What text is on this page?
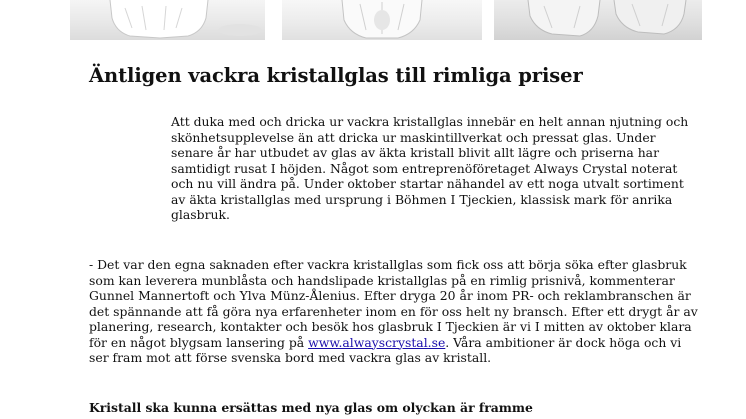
Äntligen vackra kristallglas till rimliga priser

Att duka med och dricka ur vackra kristallglas innebär en helt annan njutning och skönhetsupplevelse än att dricka ur maskintillverkat och pressat glas. Under senare år har utbudet av glas av äkta kristall blivit allt lägre och priserna har samtidigt rusat I höjden. Något som entreprenöföretaget Always Crystal noterat och nu vill ändra på. Under oktober startar nähandel av ett noga utvalt sortiment av äkta kristallglas med ursprung i Böhmen I Tjeckien, klassisk mark för anrika glasbruk.

- Det var den egna saknaden efter vackra kristallglas som fick oss att börja söka efter glasbruk som kan leverera munblåsta och handslipade kristallglas på en rimlig prisnivå, kommenterar Gunnel Mannertoft och Ylva Münz-Ålenius. Efter dryga 20 år inom PR- och reklambranschen är det spännande att få göra nya erfarenheter inom en för oss helt ny bransch. Efter ett drygt år av planering, research, kontakter och besök hos glasbruk I Tjeckien är vi I mitten av oktober klara för en något blygsam lansering på www.alwayscrystal.se. Våra ambitioner är dock höga och vi ser fram mot att förse svenska bord med vackra glas av kristall.

Kristall ska kunna ersättas med nya glas om olyckan är framme
